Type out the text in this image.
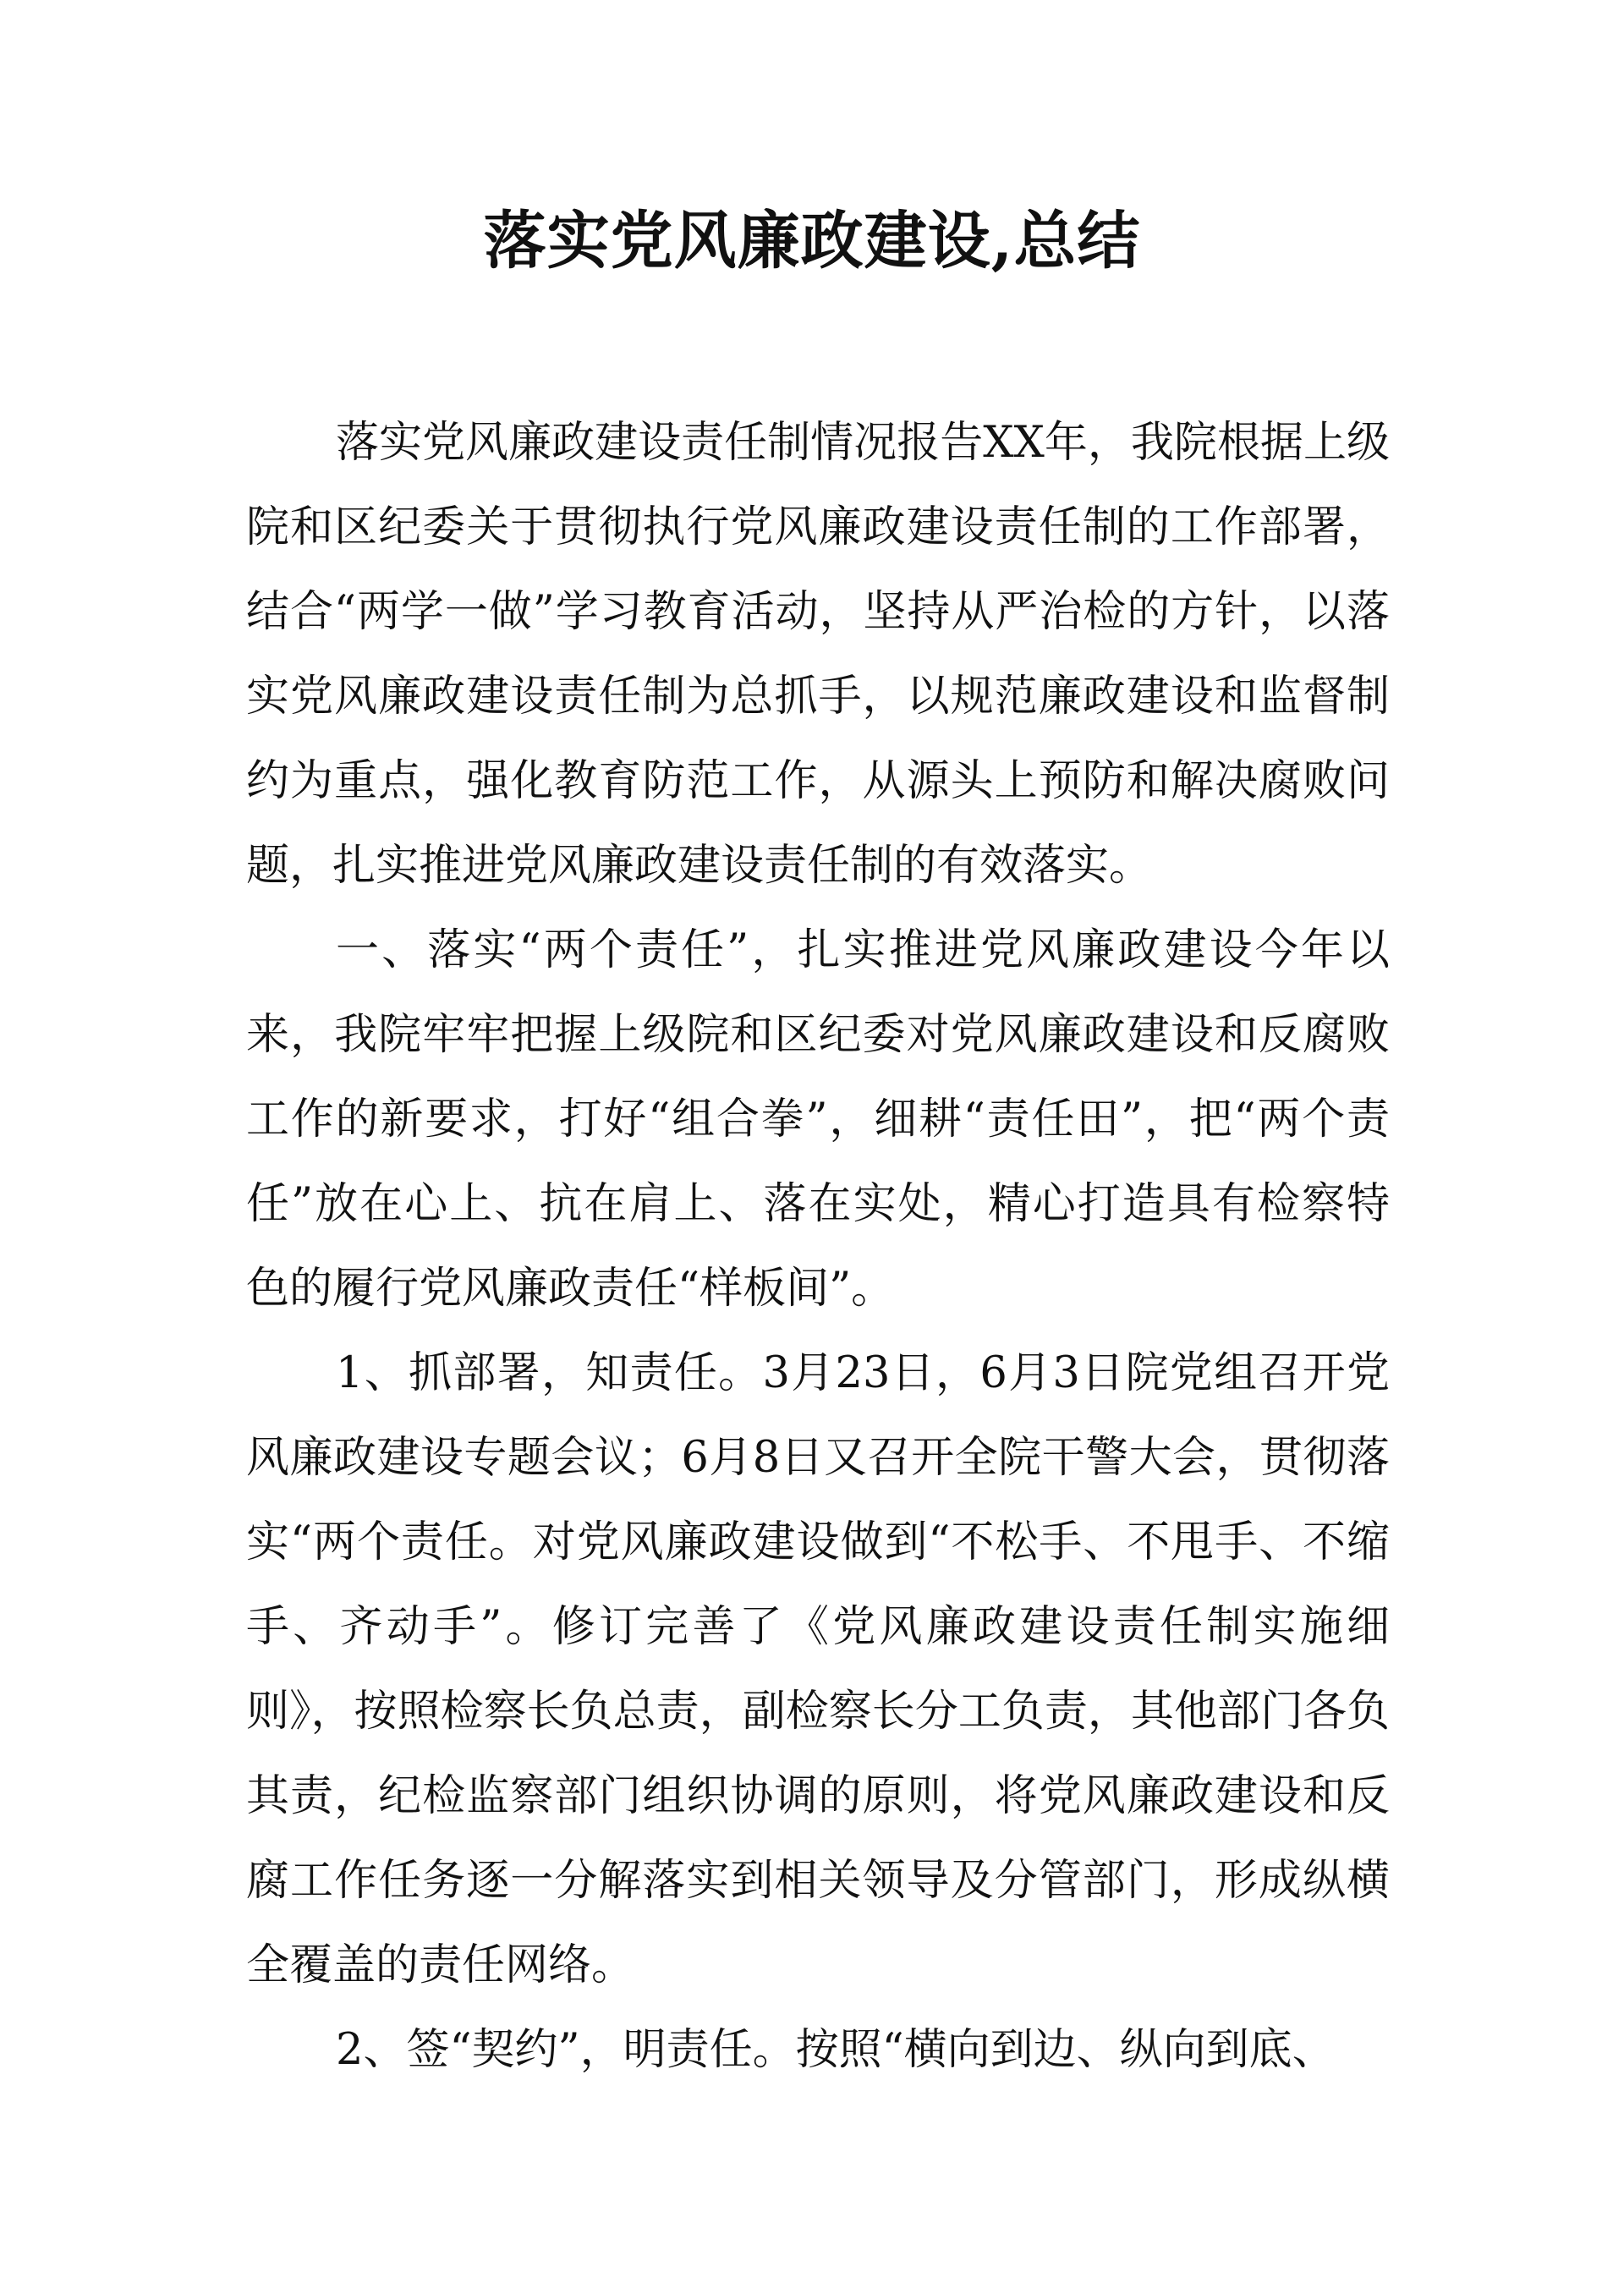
落实党风廉政建设,总结

落实党风廉政建设责任制情况报告XX年，我院根据上级院和区纪委关于贯彻执行党风廉政建设责任制的工作部署，结合“两学一做”学习教育活动，坚持从严治检的方针，以落实党风廉政建设责任制为总抓手，以规范廉政建设和监督制约为重点，强化教育防范工作，从源头上预防和解决腐败问题，扎实推进党风廉政建设责任制的有效落实。

一、落实“两个责任”，扎实推进党风廉政建设今年以来，我院牢牢把握上级院和区纪委对党风廉政建设和反腐败工作的新要求，打好“组合拳”，细耕“责任田”，把“两个责任”放在心上、抗在肩上、落在实处，精心打造具有检察特色的履行党风廉政责任“样板间”。

1、抓部署，知责任。3月23日，6月3日院党组召开党风廉政建设专题会议；6月8日又召开全院干警大会，贯彻落实“两个责任。对党风廉政建设做到“不松手、不甩手、不缩手、齐动手”。修订完善了《党风廉政建设责任制实施细则》，按照检察长负总责，副检察长分工负责，其他部门各负其责，纪检监察部门组织协调的原则，将党风廉政建设和反腐工作任务逐一分解落实到相关领导及分管部门，形成纵横全覆盖的责任网络。

2、签“契约”，明责任。按照“横向到边、纵向到底、
